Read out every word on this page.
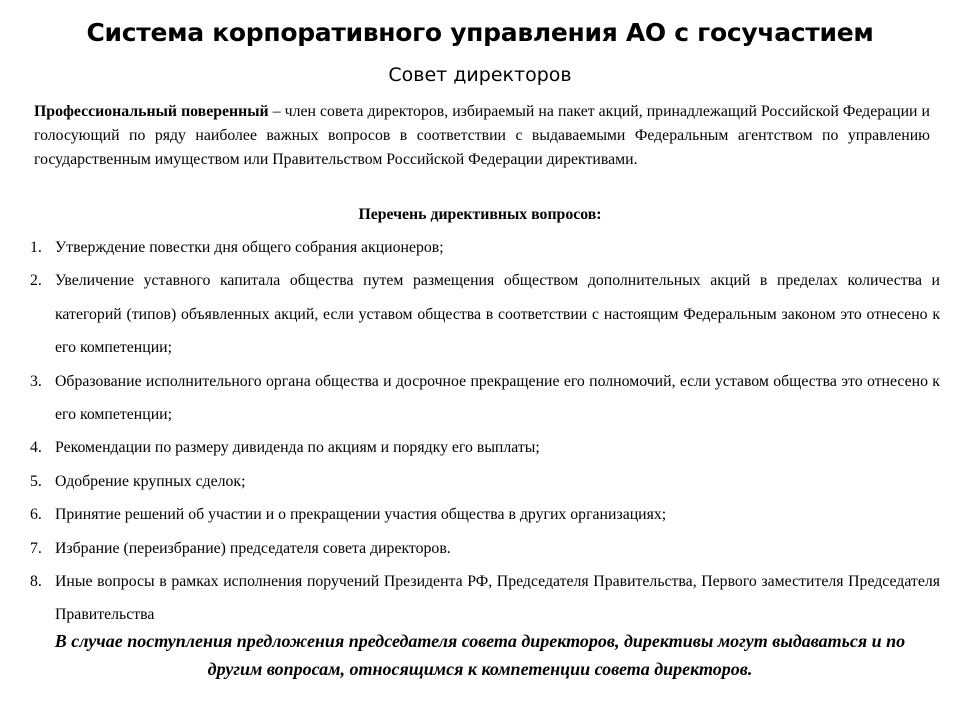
Система корпоративного управления АО с госучастием
Совет директоров
Профессиональный поверенный – член совета директоров, избираемый на пакет акций, принадлежащий Российской Федерации и голосующий по ряду наиболее важных вопросов в соответствии с выдаваемыми Федеральным агентством по управлению государственным имуществом или Правительством Российской Федерации директивами.
Перечень директивных вопросов:
1. Утверждение повестки дня общего собрания акционеров;
2. Увеличение уставного капитала общества путем размещения обществом дополнительных акций в пределах количества и категорий (типов) объявленных акций, если уставом общества в соответствии с настоящим Федеральным законом это отнесено к его компетенции;
3. Образование исполнительного органа общества и досрочное прекращение его полномочий, если уставом общества это отнесено к его компетенции;
4. Рекомендации по размеру дивиденда по акциям и порядку его выплаты;
5. Одобрение крупных сделок;
6. Принятие решений об участии и о прекращении участия общества в других организациях;
7. Избрание (переизбрание) председателя совета директоров.
8. Иные вопросы в рамках исполнения поручений Президента РФ, Председателя Правительства, Первого заместителя Председателя Правительства
В случае поступления предложения председателя совета директоров, директивы могут выдаваться и по другим вопросам, относящимся к компетенции совета директоров.
